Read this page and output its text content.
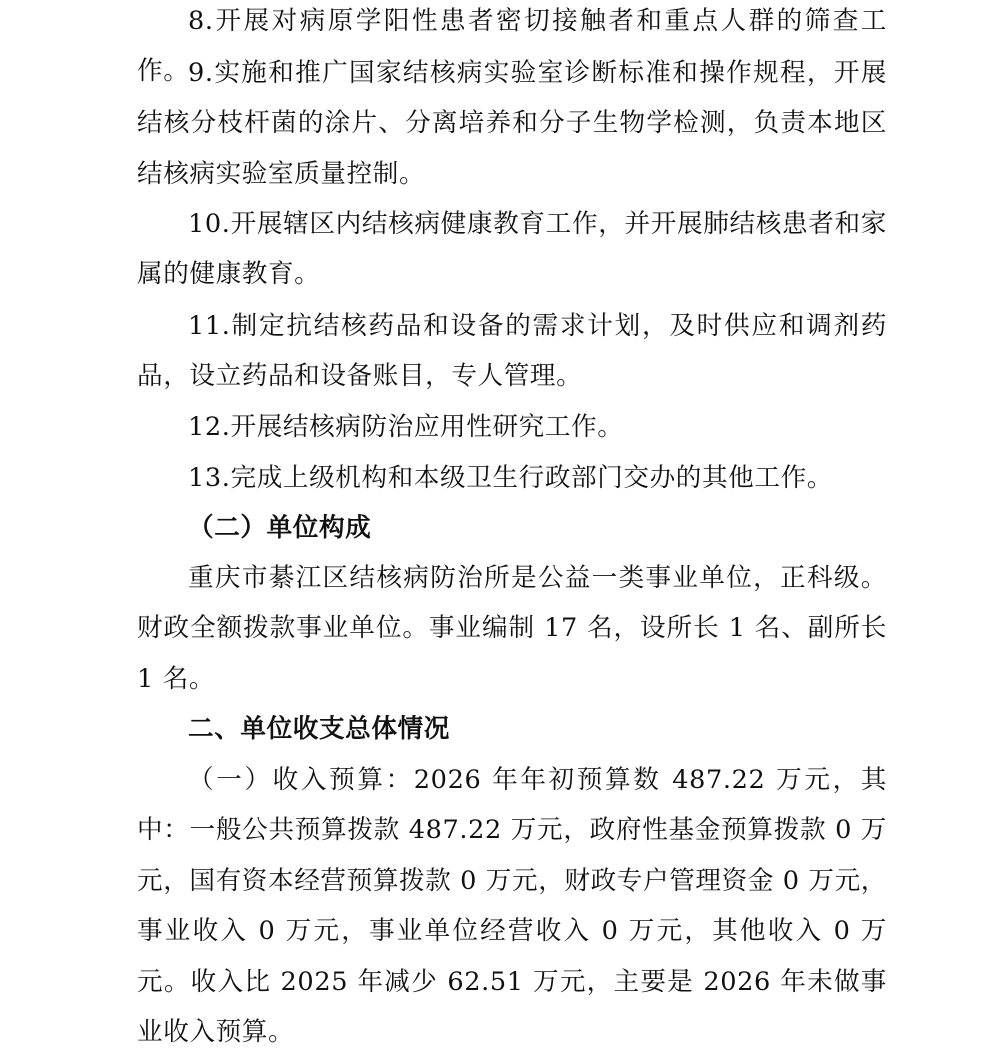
8.开展对病原学阳性患者密切接触者和重点人群的筛查工作。

9.实施和推广国家结核病实验室诊断标准和操作规程，开展结核分枝杆菌的涂片、分离培养和分子生物学检测，负责本地区结核病实验室质量控制。

10.开展辖区内结核病健康教育工作，并开展肺结核患者和家属的健康教育。

11.制定抗结核药品和设备的需求计划，及时供应和调剂药品，设立药品和设备账目，专人管理。

12.开展结核病防治应用性研究工作。

13.完成上级机构和本级卫生行政部门交办的其他工作。

（二）单位构成

重庆市綦江区结核病防治所是公益一类事业单位，正科级。财政全额拨款事业单位。事业编制 17 名，设所长 1 名、副所长 1 名。

二、单位收支总体情况

（一）收入预算：2026 年年初预算数 487.22 万元，其中：一般公共预算拨款 487.22 万元，政府性基金预算拨款 0 万元，国有资本经营预算拨款 0 万元，财政专户管理资金 0 万元，事业收入 0 万元，事业单位经营收入 0 万元，其他收入 0 万元。收入比 2025 年减少 62.51 万元，主要是 2026 年未做事业收入预算。
